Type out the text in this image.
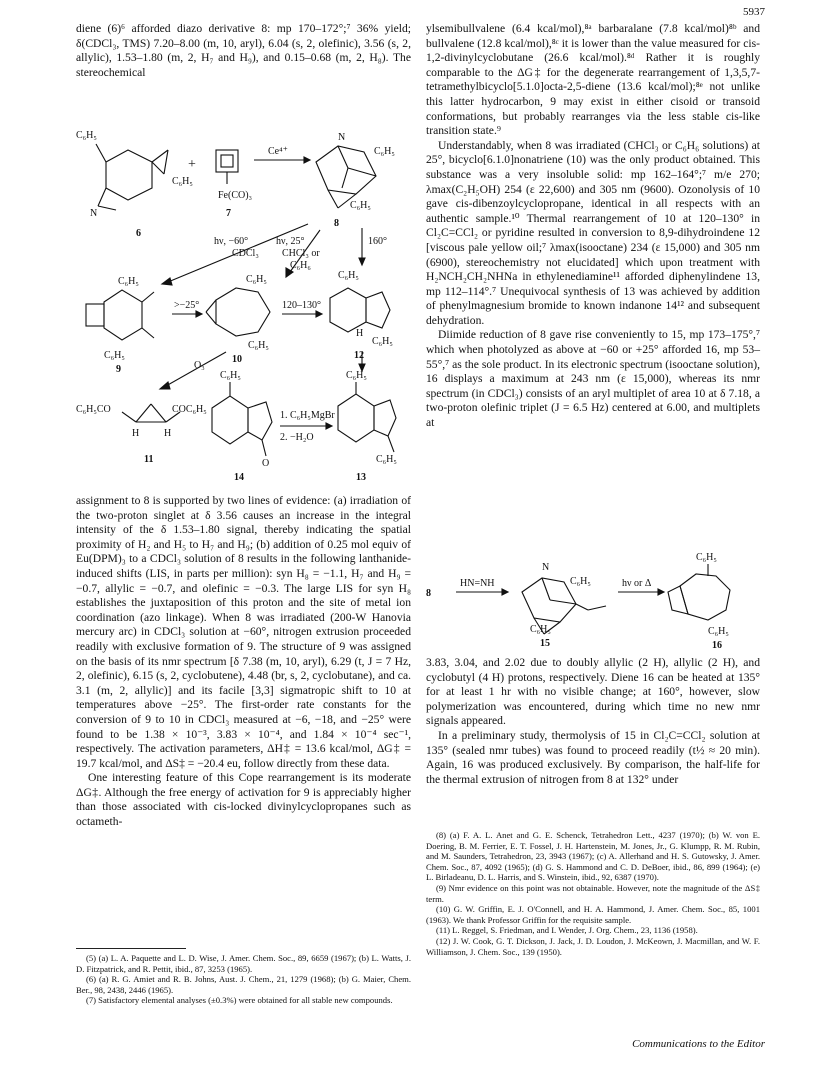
5937

diene (6)⁶ afforded diazo derivative 8: mp 170–172°;⁷ 36% yield; δ(CDCl₃, TMS) 7.20–8.00 (m, 10, aryl), 6.04 (s, 2, olefinic), 3.56 (s, 2, allylic), 1.53–1.80 (m, 2, H₇ and H₉), and 0.15–0.68 (m, 2, H₈). The stereochemical

C₆H₅
N
C₆H₅
6
+
Fe(CO)₃
7
Ce⁴⁺
N
C₆H₅
C₆H₅
8
hν, −60°
CDCl₃
hν, 25°
CHCl₃ or
C₆H₆
160°
C₆H₅
C₆H₅
9
>−25°
C₆H₅
C₆H₅
10
120–130°
C₆H₅
H
C₆H₅
12
O₃
C₆H₅CO	COC₆H₅
H H
11
C₆H₅
O
14
1. C₆H₅MgBr
2. −H₂O
C₆H₅
C₆H₅
13

assignment to 8 is supported by two lines of evidence: (a) irradiation of the two-proton singlet at δ 3.56 causes an increase in the integral intensity of the δ 1.53–1.80 signal, thereby indicating the spatial proximity of H₂ and H₅ to H₇ and H₉; (b) addition of 0.25 mol equiv of Eu(DPM)₃ to a CDCl₃ solution of 8 results in the following lanthanide-induced shifts (LIS, in parts per million): syn H₈ = −1.1, H₇ and H₉ = −0.7, allylic = −0.7, and olefinic = −0.3. The large LIS for syn H₈ establishes the juxtaposition of this proton and the site of metal ion coordination (azo linkage). When 8 was irradiated (200-W Hanovia mercury arc) in CDCl₃ solution at −60°, nitrogen extrusion proceeded readily with exclusive formation of 9. The structure of 9 was assigned on the basis of its nmr spectrum [δ 7.38 (m, 10, aryl), 6.29 (t, J = 7 Hz, 2, olefinic), 6.15 (s, 2, cyclobutene), 4.48 (br, s, 2, cyclobutane), and ca. 3.1 (m, 2, allylic)] and its facile [3,3] sigmatropic shift to 10 at temperatures above −25°. The first-order rate constants for the conversion of 9 to 10 in CDCl₃ measured at −6, −18, and −25° were found to be 1.38 × 10⁻³, 3.83 × 10⁻⁴, and 1.84 × 10⁻⁴ sec⁻¹, respectively. The activation parameters, ΔH‡ = 13.6 kcal/mol, ΔG‡ = 19.7 kcal/mol, and ΔS‡ = −20.4 eu, follow directly from these data.

One interesting feature of this Cope rearrangement is its moderate ΔG‡. Although the free energy of activation for 9 is appreciably higher than those associated with cis-locked divinylcyclopropanes such as octameth-

(5) (a) L. A. Paquette and L. D. Wise, J. Amer. Chem. Soc., 89, 6659 (1967); (b) L. Watts, J. D. Fitzpatrick, and R. Pettit, ibid., 87, 3253 (1965).

(6) (a) R. G. Amiet and R. B. Johns, Aust. J. Chem., 21, 1279 (1968); (b) G. Maier, Chem. Ber., 98, 2438, 2446 (1965).

(7) Satisfactory elemental analyses (±0.3%) were obtained for all stable new compounds.

ylsemibullvalene (6.4 kcal/mol),⁸ᵃ barbaralane (7.8 kcal/mol)⁸ᵇ and bullvalene (12.8 kcal/mol),⁸ᶜ it is lower than the value measured for cis-1,2-divinylcyclobutane (26.6 kcal/mol).⁸ᵈ Rather it is roughly comparable to the ΔG‡ for the degenerate rearrangement of 1,3,5,7-tetramethylbicyclo[5.1.0]octa-2,5-diene (13.6 kcal/mol);⁸ᵉ not unlike this latter hydrocarbon, 9 may exist in either cisoid or transoid conformations, but probably rearranges via the less stable cis-like transition state.⁹

Understandably, when 8 was irradiated (CHCl₃ or C₆H₆ solutions) at 25°, bicyclo[6.1.0]nonatriene (10) was the only product obtained. This substance was a very insoluble solid: mp 162–164°;⁷ m/e 270; λmax(C₂H₅OH) 254 (ε 22,600) and 305 nm (9600). Ozonolysis of 10 gave cis-dibenzoylcyclopropane, identical in all respects with an authentic sample.¹⁰ Thermal rearrangement of 10 at 120–130° in Cl₂C=CCl₂ or pyridine resulted in conversion to 8,9-dihydroindene 12 [viscous pale yellow oil;⁷ λmax(isooctane) 234 (ε 15,000) and 305 nm (6900), stereochemistry not elucidated] which upon treatment with H₂NCH₂CH₂NHNa in ethylenediamine¹¹ afforded diphenylindene 13, mp 112–114°.⁷ Unequivocal synthesis of 13 was achieved by addition of phenylmagnesium bromide to known indanone 14¹² and subsequent dehydration.

Diimide reduction of 8 gave rise conveniently to 15, mp 173–175°,⁷ which when photolyzed as above at −60 or +25° afforded 16, mp 53–55°,⁷ as the sole product. In its electronic spectrum (isooctane solution), 16 displays a maximum at 243 nm (ε 15,000), whereas its nmr spectrum (in CDCl₃) consists of an aryl multiplet of area 10 at δ 7.18, a two-proton olefinic triplet (J = 6.5 Hz) centered at 6.00, and multiplets at

8
HN=NH
N
C₆H₅
C₆H₅
15
hν or Δ
C₆H₅
C₆H₅
16

3.83, 3.04, and 2.02 due to doubly allylic (2 H), allylic (2 H), and cyclobutyl (4 H) protons, respectively. Diene 16 can be heated at 135° for at least 1 hr with no visible change; at 160°, however, slow polymerization was encountered, during which time no new nmr signals appeared.

In a preliminary study, thermolysis of 15 in Cl₂C=CCl₂ solution at 135° (sealed nmr tubes) was found to proceed readily (t½ ≈ 20 min). Again, 16 was produced exclusively. By comparison, the half-life for the thermal extrusion of nitrogen from 8 at 132° under

(8) (a) F. A. L. Anet and G. E. Schenck, Tetrahedron Lett., 4237 (1970); (b) W. von E. Doering, B. M. Ferrier, E. T. Fossel, J. H. Hartenstein, M. Jones, Jr., G. Klumpp, R. M. Rubin, and M. Saunders, Tetrahedron, 23, 3943 (1967); (c) A. Allerhand and H. S. Gutowsky, J. Amer. Chem. Soc., 87, 4092 (1965); (d) G. S. Hammond and C. D. DeBoer, ibid., 86, 899 (1964); (e) L. Birladeanu, D. L. Harris, and S. Winstein, ibid., 92, 6387 (1970).

(9) Nmr evidence on this point was not obtainable. However, note the magnitude of the ΔS‡ term.

(10) G. W. Griffin, E. J. O'Connell, and H. A. Hammond, J. Amer. Chem. Soc., 85, 1001 (1963). We thank Professor Griffin for the requisite sample.

(11) L. Reggel, S. Friedman, and I. Wender, J. Org. Chem., 23, 1136 (1958).

(12) J. W. Cook, G. T. Dickson, J. Jack, J. D. Loudon, J. McKeown, J. Macmillan, and W. F. Williamson, J. Chem. Soc., 139 (1950).

Communications to the Editor
